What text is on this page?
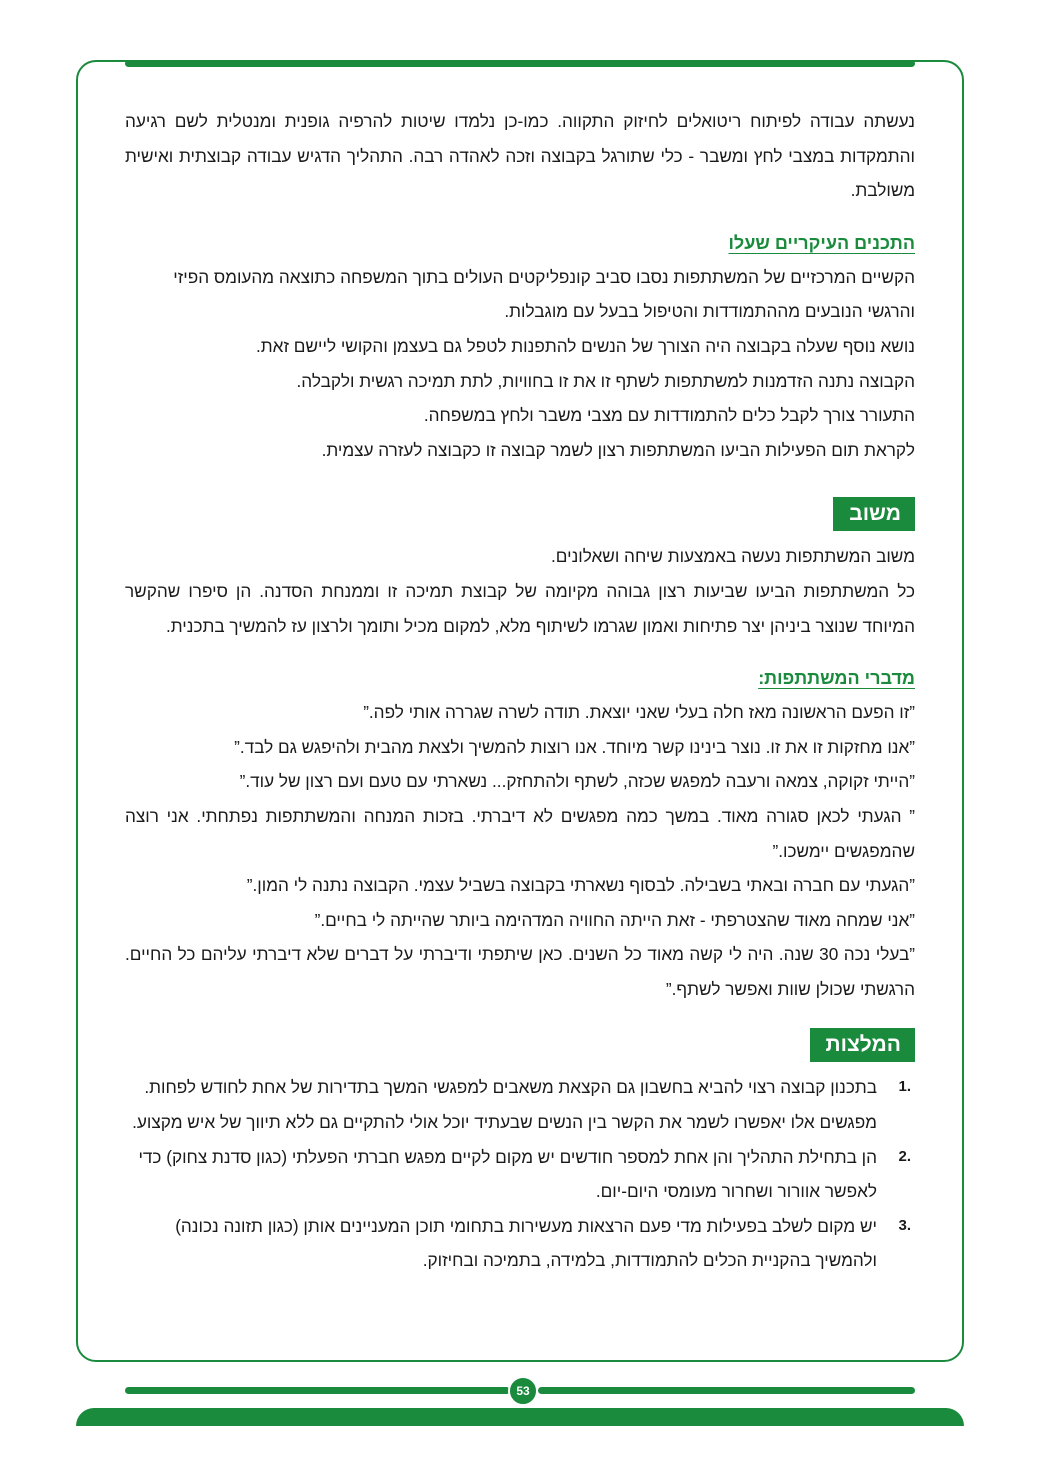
נעשתה עבודה לפיתוח ריטואלים לחיזוק התקווה. כמו-כן נלמדו שיטות להרפיה גופנית ומנטלית לשם רגיעה והתמקדות במצבי לחץ ומשבר - כלי שתורגל בקבוצה וזכה לאהדה רבה. התהליך הדגיש עבודה קבוצתית ואישית משולבת.

התכנים העיקריים שעלו

הקשיים המרכזיים של המשתתפות נסבו סביב קונפליקטים העולים בתוך המשפחה כתוצאה מהעומס הפיזי והרגשי הנובעים מההתמודדות והטיפול בבעל עם מוגבלות.

נושא נוסף שעלה בקבוצה היה הצורך של הנשים להתפנות לטפל גם בעצמן והקושי ליישם זאת.

הקבוצה נתנה הזדמנות למשתתפות לשתף זו את זו בחוויות, לתת תמיכה רגשית ולקבלה.

התעורר צורך לקבל כלים להתמודדות עם מצבי משבר ולחץ במשפחה.

לקראת תום הפעילות הביעו המשתתפות רצון לשמר קבוצה זו כקבוצה לעזרה עצמית.

משוב

משוב המשתתפות נעשה באמצעות שיחה ושאלונים.

כל המשתתפות הביעו שביעות רצון גבוהה מקיומה של קבוצת תמיכה זו וממנחת הסדנה. הן סיפרו שהקשר המיוחד שנוצר ביניהן יצר פתיחות ואמון שגרמו לשיתוף מלא, למקום מכיל ותומך ולרצון עז להמשיך בתכנית.

מדברי המשתתפות:

”זו הפעם הראשונה מאז חלה בעלי שאני יוצאת. תודה לשרה שגררה אותי לפה.”

”אנו מחזקות זו את זו. נוצר בינינו קשר מיוחד. אנו רוצות להמשיך ולצאת מהבית ולהיפגש גם לבד.”

”הייתי זקוקה, צמאה ורעבה למפגש שכזה, לשתף ולהתחזק... נשארתי עם טעם ועם רצון של עוד.”

” הגעתי לכאן סגורה מאוד. במשך כמה מפגשים לא דיברתי. בזכות המנחה והמשתתפות נפתחתי. אני רוצה שהמפגשים יימשכו.”

”הגעתי עם חברה ובאתי בשבילה. לבסוף נשארתי בקבוצה בשביל עצמי. הקבוצה נתנה לי המון.”

”אני שמחה מאוד שהצטרפתי - זאת הייתה החוויה המדהימה ביותר שהייתה לי בחיים.”

”בעלי נכה 30 שנה. היה לי קשה מאוד כל השנים. כאן שיתפתי ודיברתי על דברים שלא דיברתי עליהם כל החיים. הרגשתי שכולן שוות ואפשר לשתף.”

המלצות
1.
בתכנון קבוצה רצוי להביא בחשבון גם הקצאת משאבים למפגשי המשך בתדירות של אחת לחודש לפחות. מפגשים אלו יאפשרו לשמר את הקשר בין הנשים שבעתיד יוכל אולי להתקיים גם ללא תיווך של איש מקצוע.
2.
הן בתחילת התהליך והן אחת למספר חודשים יש מקום לקיים מפגש חברתי הפעלתי (כגון סדנת צחוק) כדי לאפשר אוורור ושחרור מעומסי היום-יום.
3.
יש מקום לשלב בפעילות מדי פעם הרצאות מעשירות בתחומי תוכן המעניינים אותן (כגון תזונה נכונה) ולהמשיך בהקניית הכלים להתמודדות, בלמידה, בתמיכה ובחיזוק.
53
